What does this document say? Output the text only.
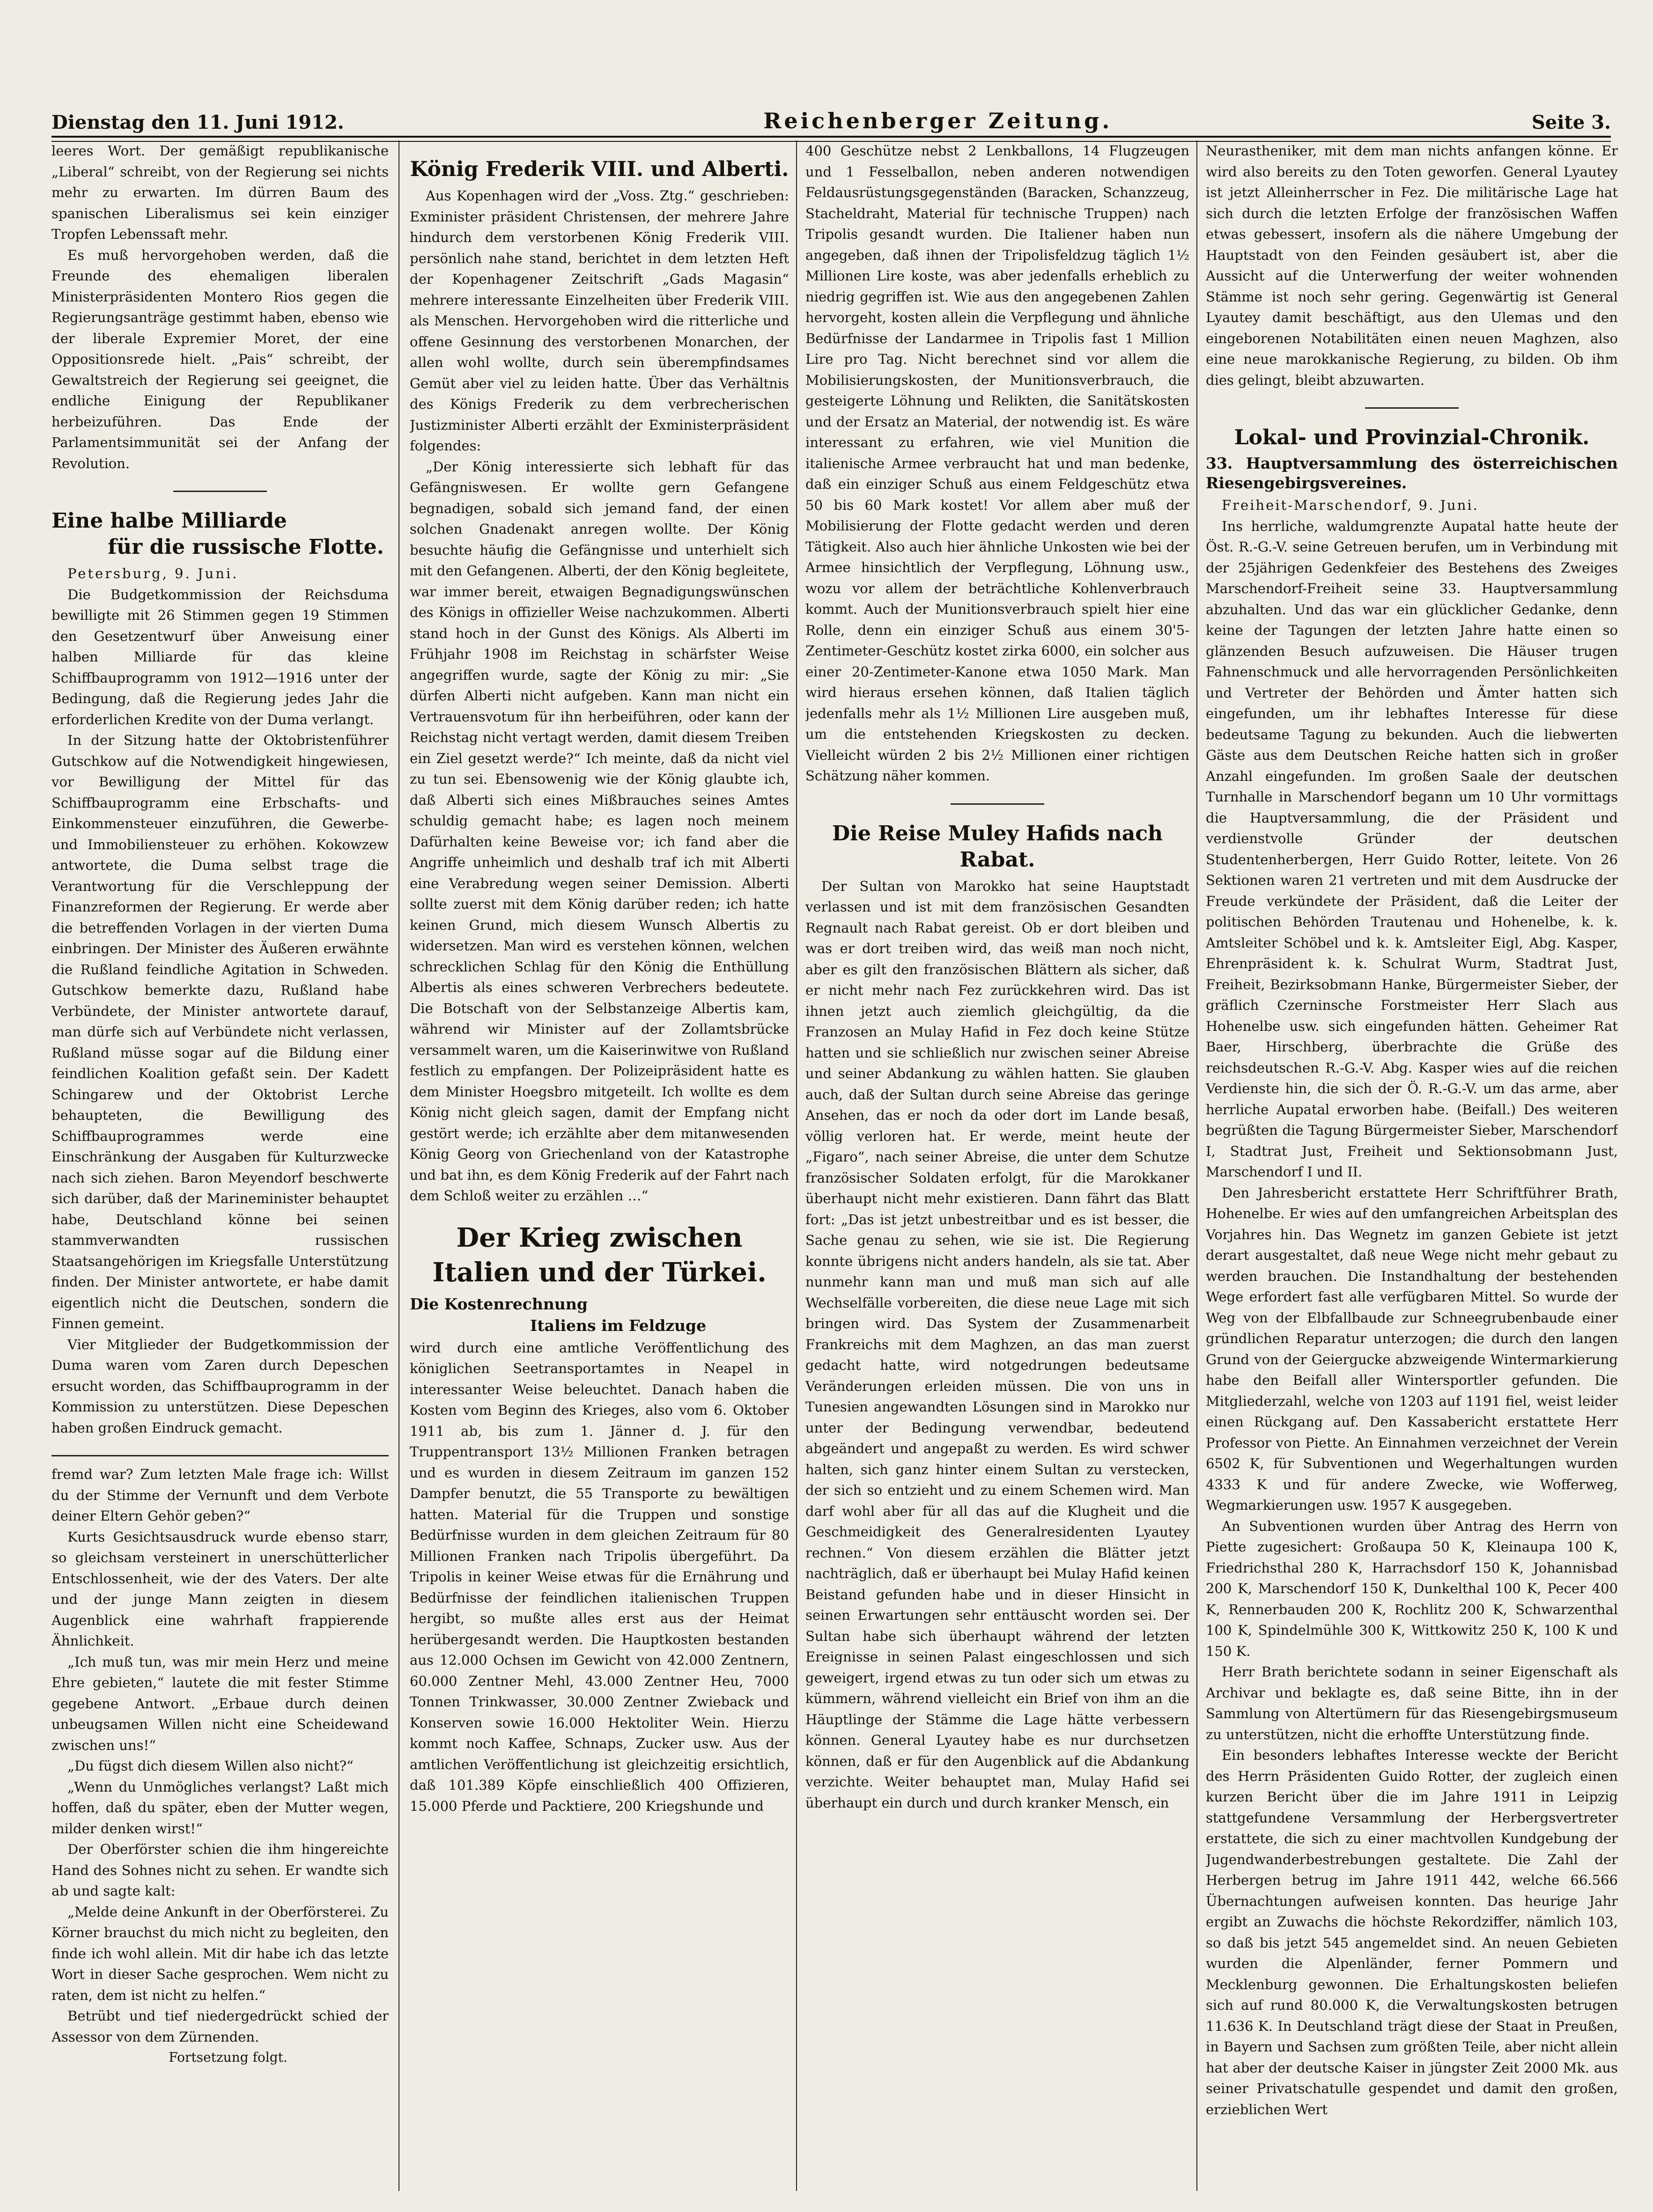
Dienstag den 11. Juni 1912.	Reichenberger Zeitung.	Seite 3.

leeres Wort. Der gemäßigt republikanische „Liberal“ schreibt, von der Regierung sei nichts mehr zu erwarten. Im dürren Baum des spanischen Liberalismus sei kein einziger Tropfen Lebenssaft mehr.

Es muß hervorgehoben werden, daß die Freunde des ehemaligen liberalen Ministerpräsidenten Montero Rios gegen die Regierungsanträge gestimmt haben, ebenso wie der liberale Expremier Moret, der eine Oppositionsrede hielt. „Pais“ schreibt, der Gewaltstreich der Regierung sei geeignet, die endliche Einigung der Republikaner herbeizuführen. Das Ende der Parlamentsimmunität sei der Anfang der Revolution.

Eine halbe Milliarde
für die russische Flotte.
Petersburg, 9. Juni.

Die Budgetkommission der Reichsduma bewilligte mit 26 Stimmen gegen 19 Stimmen den Gesetzentwurf über Anweisung einer halben Milliarde für das kleine Schiffbauprogramm von 1912—1916 unter der Bedingung, daß die Regierung jedes Jahr die erforderlichen Kredite von der Duma verlangt.

In der Sitzung hatte der Oktobristenführer Gutschkow auf die Notwendigkeit hingewiesen, vor Bewilligung der Mittel für das Schiffbauprogramm eine Erbschafts- und Einkommensteuer einzuführen, die Gewerbe- und Immobiliensteuer zu erhöhen. Kokowzew antwortete, die Duma selbst trage die Verantwortung für die Verschleppung der Finanzreformen der Regierung. Er werde aber die betreffenden Vorlagen in der vierten Duma einbringen. Der Minister des Äußeren erwähnte die Rußland feindliche Agitation in Schweden. Gutschkow bemerkte dazu, Rußland habe Verbündete, der Minister antwortete darauf, man dürfe sich auf Verbündete nicht verlassen, Rußland müsse sogar auf die Bildung einer feindlichen Koalition gefaßt sein. Der Kadett Schingarew und der Oktobrist Lerche behaupteten, die Bewilligung des Schiffbauprogrammes werde eine Einschränkung der Ausgaben für Kulturzwecke nach sich ziehen. Baron Meyendorf beschwerte sich darüber, daß der Marineminister behauptet habe, Deutschland könne bei seinen stammverwandten russischen Staatsangehörigen im Kriegsfalle Unterstützung finden. Der Minister antwortete, er habe damit eigentlich nicht die Deutschen, sondern die Finnen gemeint.

Vier Mitglieder der Budgetkommission der Duma waren vom Zaren durch Depeschen ersucht worden, das Schiffbauprogramm in der Kommission zu unterstützen. Diese Depeschen haben großen Eindruck gemacht.

fremd war? Zum letzten Male frage ich: Willst du der Stimme der Vernunft und dem Verbote deiner Eltern Gehör geben?“

Kurts Gesichtsausdruck wurde ebenso starr, so gleichsam versteinert in unerschütterlicher Entschlossenheit, wie der des Vaters. Der alte und der junge Mann zeigten in diesem Augenblick eine wahrhaft frappierende Ähnlichkeit.

„Ich muß tun, was mir mein Herz und meine Ehre gebieten,“ lautete die mit fester Stimme gegebene Antwort. „Erbaue durch deinen unbeugsamen Willen nicht eine Scheidewand zwischen uns!“

„Du fügst dich diesem Willen also nicht?“

„Wenn du Unmögliches verlangst? Laßt mich hoffen, daß du später, eben der Mutter wegen, milder denken wirst!“

Der Oberförster schien die ihm hingereichte Hand des Sohnes nicht zu sehen. Er wandte sich ab und sagte kalt:

„Melde deine Ankunft in der Oberförsterei. Zu Körner brauchst du mich nicht zu begleiten, den finde ich wohl allein. Mit dir habe ich das letzte Wort in dieser Sache gesprochen. Wem nicht zu raten, dem ist nicht zu helfen.“

Betrübt und tief niedergedrückt schied der Assessor von dem Zürnenden.

Fortsetzung folgt.

König Frederik VIII. und Alberti.

Aus Kopenhagen wird der „Voss. Ztg.“ geschrieben: Exminister präsident Christensen, der mehrere Jahre hindurch dem verstorbenen König Frederik VIII. persönlich nahe stand, berichtet in dem letzten Heft der Kopenhagener Zeitschrift „Gads Magasin“ mehrere interessante Einzelheiten über Frederik VIII. als Menschen. Hervorgehoben wird die ritterliche und offene Gesinnung des verstorbenen Monarchen, der allen wohl wollte, durch sein überempfindsames Gemüt aber viel zu leiden hatte. Über das Verhältnis des Königs Frederik zu dem verbrecherischen Justizminister Alberti erzählt der Exministerpräsident folgendes:

„Der König interessierte sich lebhaft für das Gefängniswesen. Er wollte gern Gefangene begnadigen, sobald sich jemand fand, der einen solchen Gnadenakt anregen wollte. Der König besuchte häufig die Gefängnisse und unterhielt sich mit den Gefangenen. Alberti, der den König begleitete, war immer bereit, etwaigen Begnadigungswünschen des Königs in offizieller Weise nachzukommen. Alberti stand hoch in der Gunst des Königs. Als Alberti im Frühjahr 1908 im Reichstag in schärfster Weise angegriffen wurde, sagte der König zu mir: „Sie dürfen Alberti nicht aufgeben. Kann man nicht ein Vertrauensvotum für ihn herbeiführen, oder kann der Reichstag nicht vertagt werden, damit diesem Treiben ein Ziel gesetzt werde?“ Ich meinte, daß da nicht viel zu tun sei. Ebensowenig wie der König glaubte ich, daß Alberti sich eines Mißbrauches seines Amtes schuldig gemacht habe; es lagen noch meinem Dafürhalten keine Beweise vor; ich fand aber die Angriffe unheimlich und deshalb traf ich mit Alberti eine Verabredung wegen seiner Demission. Alberti sollte zuerst mit dem König darüber reden; ich hatte keinen Grund, mich diesem Wunsch Albertis zu widersetzen. Man wird es verstehen können, welchen schrecklichen Schlag für den König die Enthüllung Albertis als eines schweren Verbrechers bedeutete. Die Botschaft von der Selbstanzeige Albertis kam, während wir Minister auf der Zollamtsbrücke versammelt waren, um die Kaiserinwitwe von Rußland festlich zu empfangen. Der Polizeipräsident hatte es dem Minister Hoegsbro mitgeteilt. Ich wollte es dem König nicht gleich sagen, damit der Empfang nicht gestört werde; ich erzählte aber dem mitanwesenden König Georg von Griechenland von der Katastrophe und bat ihn, es dem König Frederik auf der Fahrt nach dem Schloß weiter zu erzählen …“

Der Krieg zwischen
Italien und der Türkei.
Die Kostenrechnung
Italiens im Feldzuge

wird durch eine amtliche Veröffentlichung des königlichen Seetransportamtes in Neapel in interessanter Weise beleuchtet. Danach haben die Kosten vom Beginn des Krieges, also vom 6. Oktober 1911 ab, bis zum 1. Jänner d. J. für den Truppentransport 13½ Millionen Franken betragen und es wurden in diesem Zeitraum im ganzen 152 Dampfer benutzt, die 55 Transporte zu bewältigen hatten. Material für die Truppen und sonstige Bedürfnisse wurden in dem gleichen Zeitraum für 80 Millionen Franken nach Tripolis übergeführt. Da Tripolis in keiner Weise etwas für die Ernährung und Bedürfnisse der feindlichen italienischen Truppen hergibt, so mußte alles erst aus der Heimat herübergesandt werden. Die Hauptkosten bestanden aus 12.000 Ochsen im Gewicht von 42.000 Zentnern, 60.000 Zentner Mehl, 43.000 Zentner Heu, 7000 Tonnen Trinkwasser, 30.000 Zentner Zwieback und Konserven sowie 16.000 Hektoliter Wein. Hierzu kommt noch Kaffee, Schnaps, Zucker usw. Aus der amtlichen Veröffentlichung ist gleichzeitig ersichtlich, daß 101.389 Köpfe einschließlich 400 Offizieren, 15.000 Pferde und Packtiere, 200 Kriegshunde und

400 Geschütze nebst 2 Lenkballons, 14 Flugzeugen und 1 Fesselballon, neben anderen notwendigen Feldausrüstungsgegenständen (Baracken, Schanzzeug, Stacheldraht, Material für technische Truppen) nach Tripolis gesandt wurden. Die Italiener haben nun angegeben, daß ihnen der Tripolisfeldzug täglich 1½ Millionen Lire koste, was aber jedenfalls erheblich zu niedrig gegriffen ist. Wie aus den angegebenen Zahlen hervorgeht, kosten allein die Verpflegung und ähnliche Bedürfnisse der Landarmee in Tripolis fast 1 Million Lire pro Tag. Nicht berechnet sind vor allem die Mobilisierungskosten, der Munitionsverbrauch, die gesteigerte Löhnung und Relikten, die Sanitätskosten und der Ersatz an Material, der notwendig ist. Es wäre interessant zu erfahren, wie viel Munition die italienische Armee verbraucht hat und man bedenke, daß ein einziger Schuß aus einem Feldgeschütz etwa 50 bis 60 Mark kostet! Vor allem aber muß der Mobilisierung der Flotte gedacht werden und deren Tätigkeit. Also auch hier ähnliche Unkosten wie bei der Armee hinsichtlich der Verpflegung, Löhnung usw., wozu vor allem der beträchtliche Kohlenverbrauch kommt. Auch der Munitionsverbrauch spielt hier eine Rolle, denn ein einziger Schuß aus einem 30'5-Zentimeter-Geschütz kostet zirka 6000, ein solcher aus einer 20-Zentimeter-Kanone etwa 1050 Mark. Man wird hieraus ersehen können, daß Italien täglich jedenfalls mehr als 1½ Millionen Lire ausgeben muß, um die entstehenden Kriegskosten zu decken. Vielleicht würden 2 bis 2½ Millionen einer richtigen Schätzung näher kommen.

Die Reise Muley Hafids nach Rabat.

Der Sultan von Marokko hat seine Hauptstadt verlassen und ist mit dem französischen Gesandten Regnault nach Rabat gereist. Ob er dort bleiben und was er dort treiben wird, das weiß man noch nicht, aber es gilt den französischen Blättern als sicher, daß er nicht mehr nach Fez zurückkehren wird. Das ist ihnen jetzt auch ziemlich gleichgültig, da die Franzosen an Mulay Hafid in Fez doch keine Stütze hatten und sie schließlich nur zwischen seiner Abreise und seiner Abdankung zu wählen hatten. Sie glauben auch, daß der Sultan durch seine Abreise das geringe Ansehen, das er noch da oder dort im Lande besaß, völlig verloren hat. Er werde, meint heute der „Figaro“, nach seiner Abreise, die unter dem Schutze französischer Soldaten erfolgt, für die Marokkaner überhaupt nicht mehr existieren. Dann fährt das Blatt fort: „Das ist jetzt unbestreitbar und es ist besser, die Sache genau zu sehen, wie sie ist. Die Regierung konnte übrigens nicht anders handeln, als sie tat. Aber nunmehr kann man und muß man sich auf alle Wechselfälle vorbereiten, die diese neue Lage mit sich bringen wird. Das System der Zusammenarbeit Frankreichs mit dem Maghzen, an das man zuerst gedacht hatte, wird notgedrungen bedeutsame Veränderungen erleiden müssen. Die von uns in Tunesien angewandten Lösungen sind in Marokko nur unter der Bedingung verwendbar, bedeutend abgeändert und angepaßt zu werden. Es wird schwer halten, sich ganz hinter einem Sultan zu verstecken, der sich so entzieht und zu einem Schemen wird. Man darf wohl aber für all das auf die Klugheit und die Geschmeidigkeit des Generalresidenten Lyautey rechnen.“ Von diesem erzählen die Blätter jetzt nachträglich, daß er überhaupt bei Mulay Hafid keinen Beistand gefunden habe und in dieser Hinsicht in seinen Erwartungen sehr enttäuscht worden sei. Der Sultan habe sich überhaupt während der letzten Ereignisse in seinen Palast eingeschlossen und sich geweigert, irgend etwas zu tun oder sich um etwas zu kümmern, während vielleicht ein Brief von ihm an die Häuptlinge der Stämme die Lage hätte verbessern können. General Lyautey habe es nur durchsetzen können, daß er für den Augenblick auf die Abdankung verzichte. Weiter behauptet man, Mulay Hafid sei überhaupt ein durch und durch kranker Mensch, ein

Neurastheniker, mit dem man nichts anfangen könne. Er wird also bereits zu den Toten geworfen. General Lyautey ist jetzt Alleinherrscher in Fez. Die militärische Lage hat sich durch die letzten Erfolge der französischen Waffen etwas gebessert, insofern als die nähere Umgebung der Hauptstadt von den Feinden gesäubert ist, aber die Aussicht auf die Unterwerfung der weiter wohnenden Stämme ist noch sehr gering. Gegenwärtig ist General Lyautey damit beschäftigt, aus den Ulemas und den eingeborenen Notabilitäten einen neuen Maghzen, also eine neue marokkanische Regierung, zu bilden. Ob ihm dies gelingt, bleibt abzuwarten.

Lokal- und Provinzial-Chronik.
33. Hauptversammlung des österreichischen Riesengebirgsvereines.
Freiheit-Marschendorf, 9. Juni.

Ins herrliche, waldumgrenzte Aupatal hatte heute der Öst. R.-G.-V. seine Getreuen berufen, um in Verbindung mit der 25jährigen Gedenkfeier des Bestehens des Zweiges Marschendorf-Freiheit seine 33. Hauptversammlung abzuhalten. Und das war ein glücklicher Gedanke, denn keine der Tagungen der letzten Jahre hatte einen so glänzenden Besuch aufzuweisen. Die Häuser trugen Fahnenschmuck und alle hervorragenden Persönlichkeiten und Vertreter der Behörden und Ämter hatten sich eingefunden, um ihr lebhaftes Interesse für diese bedeutsame Tagung zu bekunden. Auch die liebwerten Gäste aus dem Deutschen Reiche hatten sich in großer Anzahl eingefunden. Im großen Saale der deutschen Turnhalle in Marschendorf begann um 10 Uhr vormittags die Hauptversammlung, die der Präsident und verdienstvolle Gründer der deutschen Studentenherbergen, Herr Guido Rotter, leitete. Von 26 Sektionen waren 21 vertreten und mit dem Ausdrucke der Freude verkündete der Präsident, daß die Leiter der politischen Behörden Trautenau und Hohenelbe, k. k. Amtsleiter Schöbel und k. k. Amtsleiter Eigl, Abg. Kasper, Ehrenpräsident k. k. Schulrat Wurm, Stadtrat Just, Freiheit, Bezirksobmann Hanke, Bürgermeister Sieber, der gräflich Czerninsche Forstmeister Herr Slach aus Hohenelbe usw. sich eingefunden hätten. Geheimer Rat Baer, Hirschberg, überbrachte die Grüße des reichsdeutschen R.-G.-V. Abg. Kasper wies auf die reichen Verdienste hin, die sich der Ö. R.-G.-V. um das arme, aber herrliche Aupatal erworben habe. (Beifall.) Des weiteren begrüßten die Tagung Bürgermeister Sieber, Marschendorf I, Stadtrat Just, Freiheit und Sektionsobmann Just, Marschendorf I und II.

Den Jahresbericht erstattete Herr Schriftführer Brath, Hohenelbe. Er wies auf den umfangreichen Arbeitsplan des Vorjahres hin. Das Wegnetz im ganzen Gebiete ist jetzt derart ausgestaltet, daß neue Wege nicht mehr gebaut zu werden brauchen. Die Instandhaltung der bestehenden Wege erfordert fast alle verfügbaren Mittel. So wurde der Weg von der Elbfallbaude zur Schneegrubenbaude einer gründlichen Reparatur unterzogen; die durch den langen Grund von der Geiergucke abzweigende Wintermarkierung habe den Beifall aller Wintersportler gefunden. Die Mitgliederzahl, welche von 1203 auf 1191 fiel, weist leider einen Rückgang auf. Den Kassabericht erstattete Herr Professor von Piette. An Einnahmen verzeichnet der Verein 6502 K, für Subventionen und Wegerhaltungen wurden 4333 K und für andere Zwecke, wie Wofferweg, Wegmarkierungen usw. 1957 K ausgegeben.

An Subventionen wurden über Antrag des Herrn von Piette zugesichert: Großaupa 50 K, Kleinaupa 100 K, Friedrichsthal 280 K, Harrachsdorf 150 K, Johannisbad 200 K, Marschendorf 150 K, Dunkelthal 100 K, Pecer 400 K, Rennerbauden 200 K, Rochlitz 200 K, Schwarzenthal 100 K, Spindelmühle 300 K, Wittkowitz 250 K, 100 K und 150 K.

Herr Brath berichtete sodann in seiner Eigenschaft als Archivar und beklagte es, daß seine Bitte, ihn in der Sammlung von Altertümern für das Riesengebirgsmuseum zu unterstützen, nicht die erhoffte Unterstützung finde.

Ein besonders lebhaftes Interesse weckte der Bericht des Herrn Präsidenten Guido Rotter, der zugleich einen kurzen Bericht über die im Jahre 1911 in Leipzig stattgefundene Versammlung der Herbergsvertreter erstattete, die sich zu einer machtvollen Kundgebung der Jugendwanderbestrebungen gestaltete. Die Zahl der Herbergen betrug im Jahre 1911 442, welche 66.566 Übernachtungen aufweisen konnten. Das heurige Jahr ergibt an Zuwachs die höchste Rekordziffer, nämlich 103, so daß bis jetzt 545 angemeldet sind. An neuen Gebieten wurden die Alpenländer, ferner Pommern und Mecklenburg gewonnen. Die Erhaltungskosten beliefen sich auf rund 80.000 K, die Verwaltungskosten betrugen 11.636 K. In Deutschland trägt diese der Staat in Preußen, in Bayern und Sachsen zum größten Teile, aber nicht allein hat aber der deutsche Kaiser in jüngster Zeit 2000 Mk. aus seiner Privatschatulle gespendet und damit den großen, erzieblichen Wert
